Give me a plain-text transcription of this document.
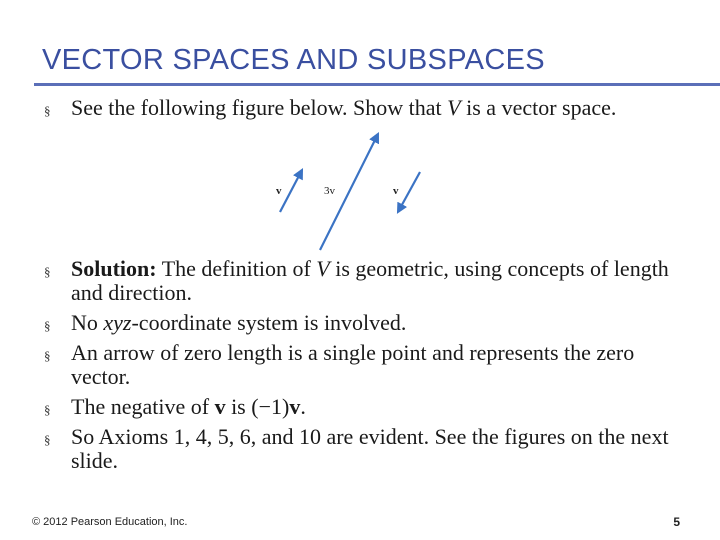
VECTOR SPACES AND SUBSPACES
§ See the following figure below. Show that V is a vector space.
v	3v	v
§ Solution: The definition of V is geometric, using concepts of length and direction.
§ No xyz-coordinate system is involved.
§ An arrow of zero length is a single point and represents the zero vector.
§ The negative of v is (−1)v.
§ So Axioms 1, 4, 5, 6, and 10 are evident. See the figures on the next slide.
© 2012 Pearson Education, Inc.	5
